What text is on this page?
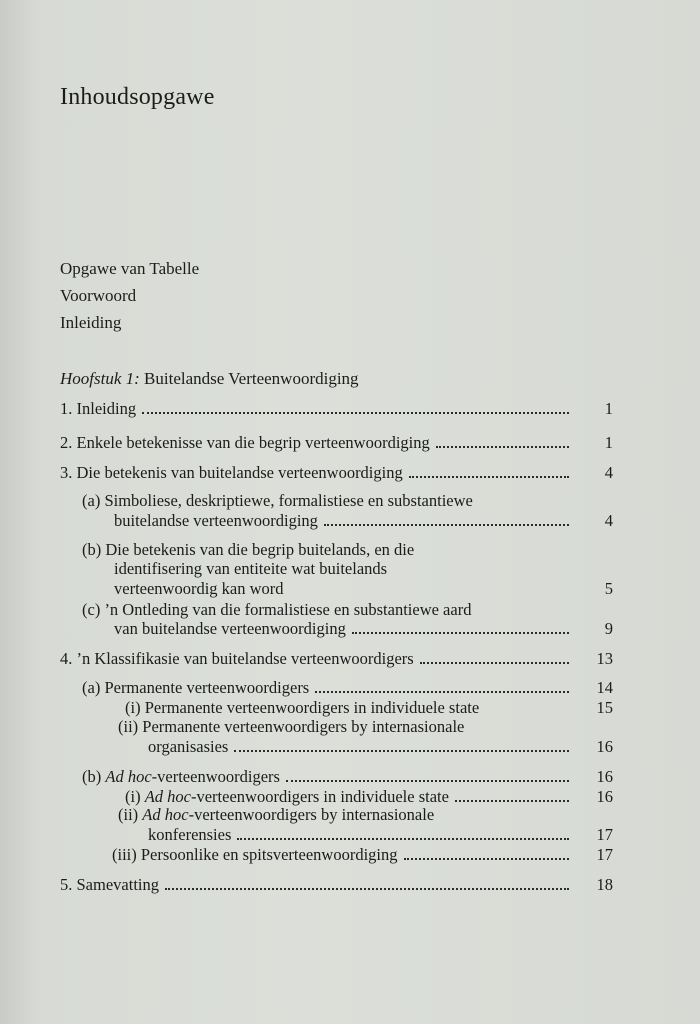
Inhoudsopgawe
Opgawe van Tabelle
Voorwoord
Inleiding
Hoofstuk 1: Buitelandse Verteenwoordiging
1. Inleiding	1
2. Enkele betekenisse van die begrip verteenwoordiging	1
3. Die betekenis van buitelandse verteenwoordiging	4
(a) Simboliese, deskriptiewe, formalistiese en substantiewe
buitelandse verteenwoordiging	4
(b) Die betekenis van die begrip buitelands, en die
identifisering van entiteite wat buitelands
verteenwoordig kan word	5
(c) ’n Ontleding van die formalistiese en substantiewe aard
van buitelandse verteenwoordiging	9
4. ’n Klassifikasie van buitelandse verteenwoordigers	13
(a) Permanente verteenwoordigers	14
(i) Permanente verteenwoordigers in individuele state	15
(ii) Permanente verteenwoordigers by internasionale
organisasies	16
(b) Ad hoc-verteenwoordigers	16
(i) Ad hoc-verteenwoordigers in individuele state	16
(ii) Ad hoc-verteenwoordigers by internasionale
konferensies	17
(iii) Persoonlike en spitsverteenwoordiging	17
5. Samevatting	18
